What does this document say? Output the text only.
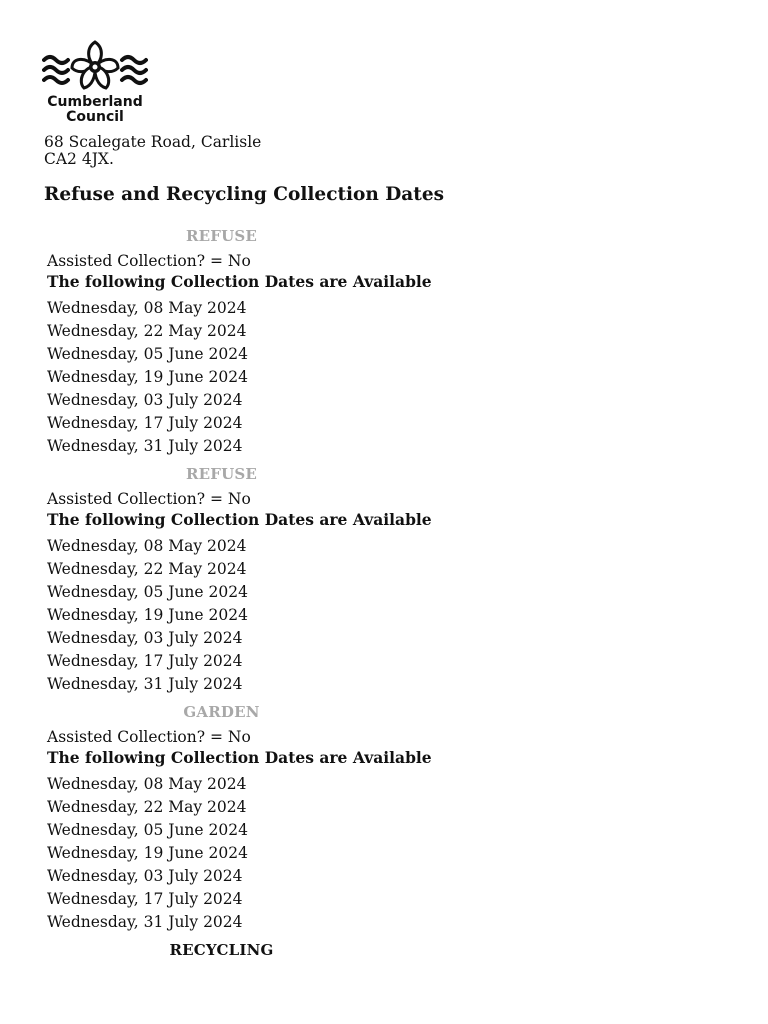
Cumberland
Council
68 Scalegate Road, Carlisle
CA2 4JX.
Refuse and Recycling Collection Dates
REFUSE
Assisted Collection? = No
The following Collection Dates are Available
Wednesday, 08 May 2024
Wednesday, 22 May 2024
Wednesday, 05 June 2024
Wednesday, 19 June 2024
Wednesday, 03 July 2024
Wednesday, 17 July 2024
Wednesday, 31 July 2024
REFUSE
Assisted Collection? = No
The following Collection Dates are Available
Wednesday, 08 May 2024
Wednesday, 22 May 2024
Wednesday, 05 June 2024
Wednesday, 19 June 2024
Wednesday, 03 July 2024
Wednesday, 17 July 2024
Wednesday, 31 July 2024
GARDEN
Assisted Collection? = No
The following Collection Dates are Available
Wednesday, 08 May 2024
Wednesday, 22 May 2024
Wednesday, 05 June 2024
Wednesday, 19 June 2024
Wednesday, 03 July 2024
Wednesday, 17 July 2024
Wednesday, 31 July 2024
RECYCLING
